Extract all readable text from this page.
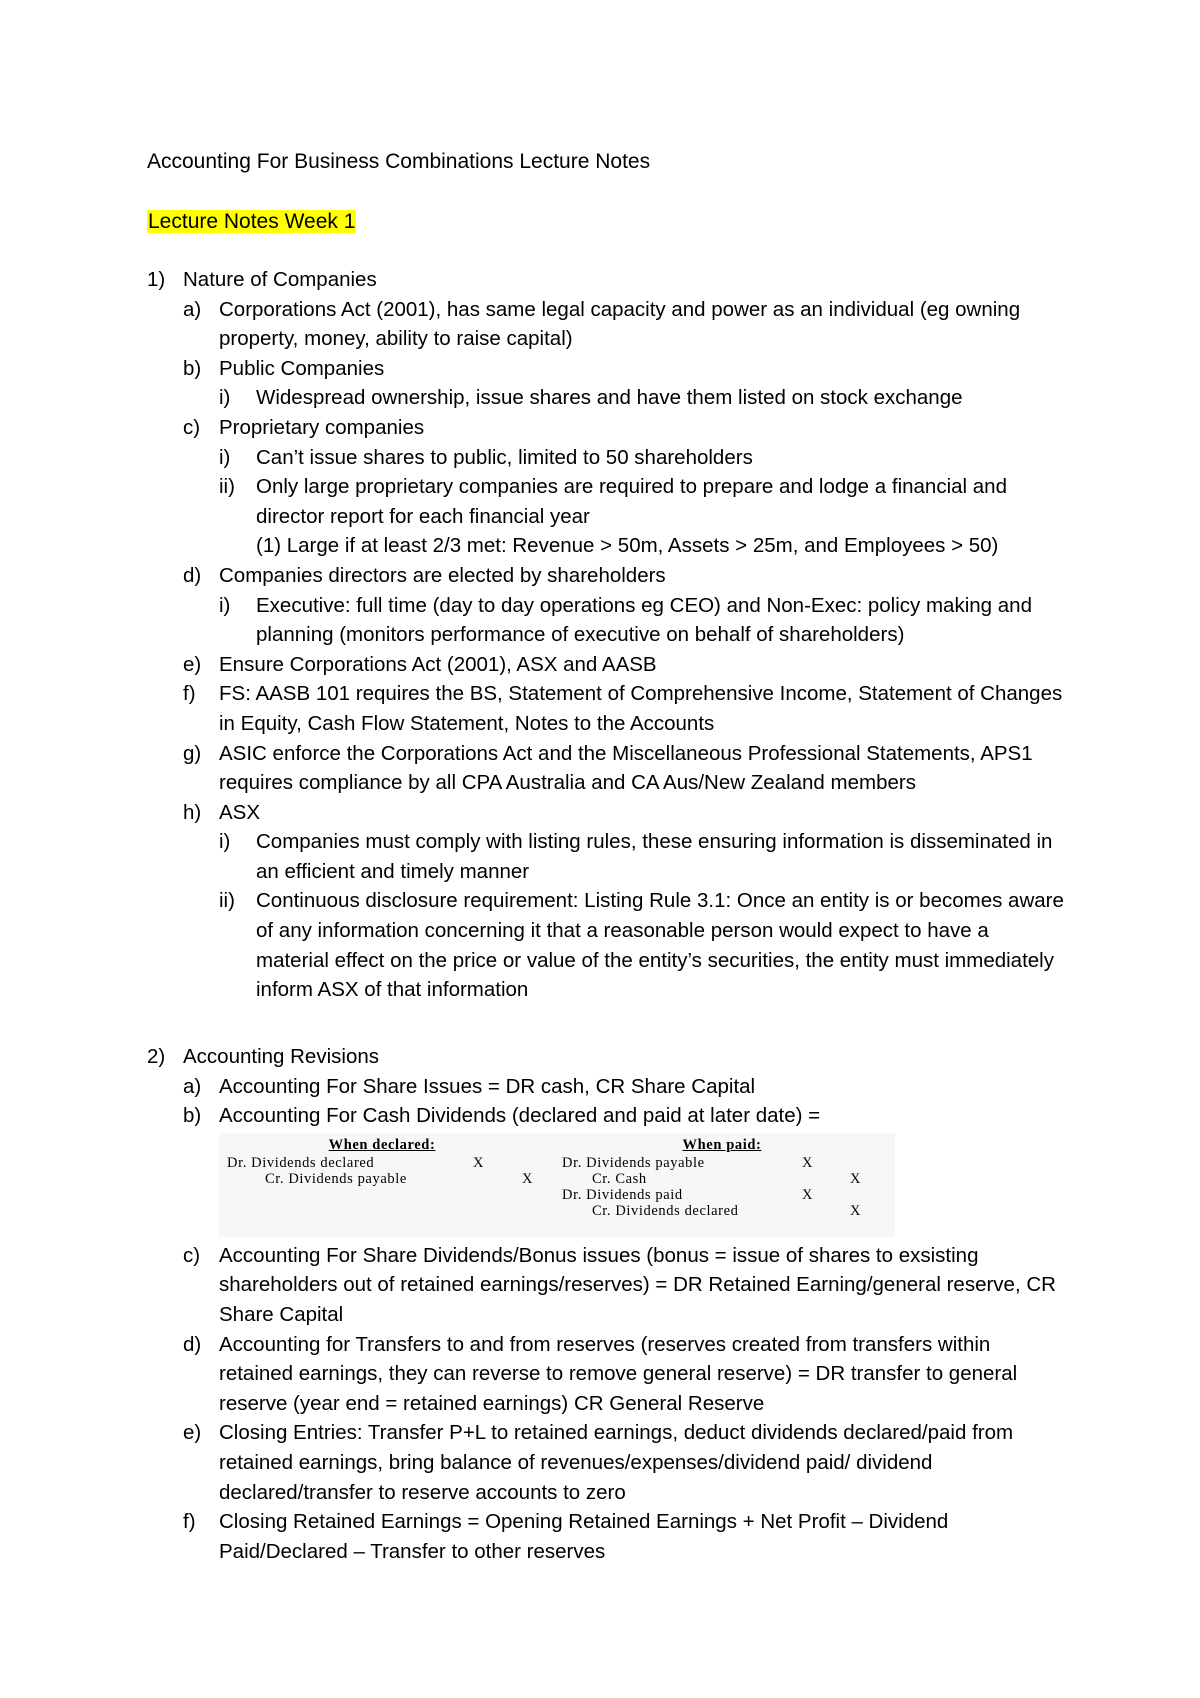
Accounting For Business Combinations Lecture Notes
Lecture Notes Week 1
1) Nature of Companies
a) Corporations Act (2001), has same legal capacity and power as an individual (eg owning property, money, ability to raise capital)
b) Public Companies
i) Widespread ownership, issue shares and have them listed on stock exchange
c) Proprietary companies
i) Can’t issue shares to public, limited to 50 shareholders
ii) Only large proprietary companies are required to prepare and lodge a financial and director report for each financial year
(1) Large if at least 2/3 met: Revenue > 50m, Assets > 25m, and Employees > 50)
d) Companies directors are elected by shareholders
i) Executive: full time (day to day operations eg CEO) and Non-Exec: policy making and planning (monitors performance of executive on behalf of shareholders)
e) Ensure Corporations Act (2001), ASX and AASB
f) FS: AASB 101 requires the BS, Statement of Comprehensive Income, Statement of Changes in Equity, Cash Flow Statement, Notes to the Accounts
g) ASIC enforce the Corporations Act and the Miscellaneous Professional Statements, APS1 requires compliance by all CPA Australia and CA Aus/New Zealand members
h) ASX
i) Companies must comply with listing rules, these ensuring information is disseminated in an efficient and timely manner
ii) Continuous disclosure requirement: Listing Rule 3.1: Once an entity is or becomes aware of any information concerning it that a reasonable person would expect to have a material effect on the price or value of the entity’s securities, the entity must immediately inform ASX of that information
2) Accounting Revisions
a) Accounting For Share Issues = DR cash, CR Share Capital
b) Accounting For Cash Dividends (declared and paid at later date) =
When declared:
Dr. Dividends declared	X
Cr. Dividends payable	X
When paid:
Dr. Dividends payable	X
Cr. Cash	X
Dr. Dividends paid	X
Cr. Dividends declared	X
c) Accounting For Share Dividends/Bonus issues (bonus = issue of shares to exsisting shareholders out of retained earnings/reserves) = DR Retained Earning/general reserve, CR Share Capital
d) Accounting for Transfers to and from reserves (reserves created from transfers within retained earnings, they can reverse to remove general reserve) = DR transfer to general reserve (year end = retained earnings) CR General Reserve
e) Closing Entries: Transfer P+L to retained earnings, deduct dividends declared/paid from retained earnings, bring balance of revenues/expenses/dividend paid/ dividend declared/transfer to reserve accounts to zero
f) Closing Retained Earnings = Opening Retained Earnings + Net Profit – Dividend Paid/Declared – Transfer to other reserves
